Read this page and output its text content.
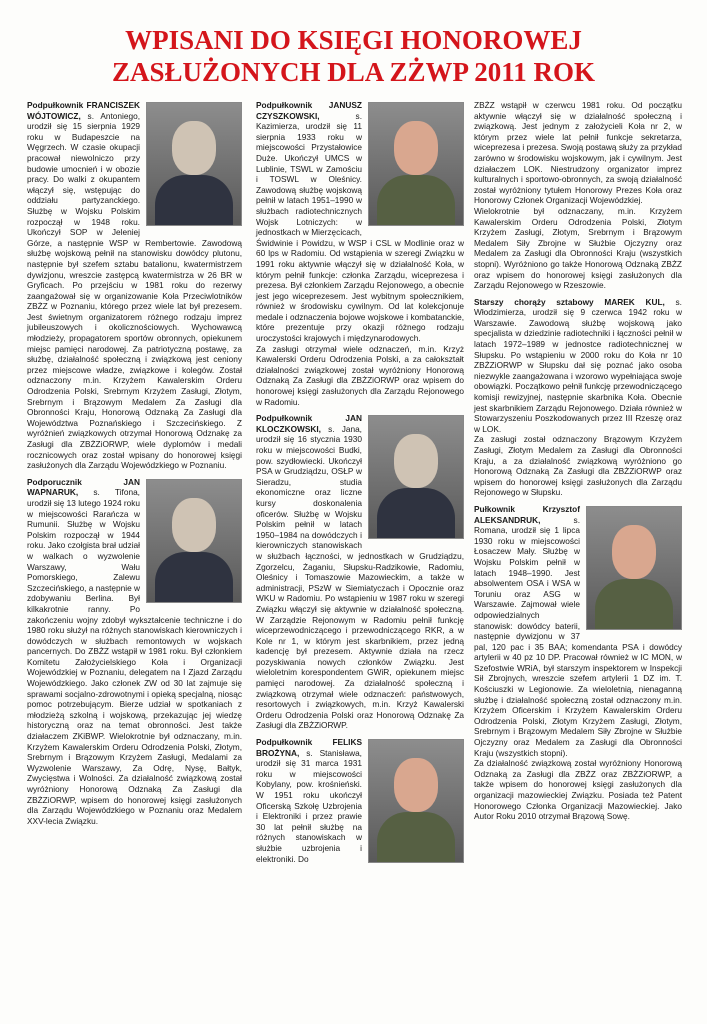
WPISANI DO KSIĘGI HONOROWEJ
ZASŁUŻONYCH DLA ZŻWP 2011 ROK

Podpułkownik FRANCISZEK WÓJTOWICZ, s. Antoniego, urodził się 15 sierpnia 1929 roku w Budapeszcie na Węgrzech. W czasie okupacji pracował niewolniczo przy budowie umocnień i w obozie pracy. Do walki z okupantem włączył się, wstępując do oddziału partyzanckiego. Służbę w Wojsku Polskim rozpoczął w 1948 roku. Ukończył SOP w Jeleniej Górze, a następnie WSP w Rembertowie. Zawodową służbę wojskową pełnił na stanowisku dowódcy plutonu, następnie był szefem sztabu batalionu, kwatermistrzem dywizjonu, wreszcie zastępcą kwatermistrza w 26 BR w Gryficach. Po przejściu w 1981 roku do rezerwy zaangażował się w organizowanie Koła Przeciwlotników ZBŻZ w Poznaniu, którego przez wiele lat był prezesem. Jest świetnym organizatorem różnego rodzaju imprez jubileuszowych i okolicznościowych. Wychowawcą młodzieży, propagatorem sportów obronnych, opiekunem miejsc pamięci narodowej. Za patriotyczną postawę, za służbę, działalność społeczną i związkową jest ceniony przez miejscowe władze, związkowe i kolegów. Został odznaczony m.in. Krzyżem Kawalerskim Orderu Odrodzenia Polski, Srebrnym Krzyżem Zasługi, Złotym, Srebrnym i Brązowym Medalem Za Zasługi dla Obronności Kraju, Honorową Odznaką Za Zasługi dla Województwa Poznańskiego i Szczecińskiego. Z wyróżnień związkowych otrzymał Honorową Odznakę za Zasługi dla ZBŻZiORWP, wiele dyplomów i medali rocznicowych oraz został wpisany do honorowej księgi zasłużonych dla Zarządu Wojewódzkiego w Poznaniu.

Podporucznik JAN WAPNARUK, s. Tifona, urodził się 13 lutego 1924 roku w miejscowości Rarańcza w Rumunii. Służbę w Wojsku Polskim rozpoczął w 1944 roku. Jako czołgista brał udział w walkach o wyzwolenie Warszawy, Wału Pomorskiego, Zalewu Szczecińskiego, a następnie w zdobywaniu Berlina. Był kilkakrotnie ranny. Po zakończeniu wojny zdobył wykształcenie techniczne i do 1980 roku służył na różnych stanowiskach kierowniczych i dowódczych w służbach remontowych w wojskach pancernych. Do ZBŻZ wstąpił w 1981 roku. Był członkiem Komitetu Założycielskiego Koła i Organizacji Wojewódzkiej w Poznaniu, delegatem na I Zjazd Zarządu Wojewódzkiego. Jako członek ZW od 30 lat zajmuje się sprawami socjalno-zdrowotnymi i opieką specjalną, niosąc pomoc potrzebującym. Bierze udział w spotkaniach z młodzieżą szkolną i wojskową, przekazując jej wiedzę historyczną oraz na temat obronności. Jest także działaczem ZKiBWP. Wielokrotnie był odznaczany, m.in. Krzyżem Kawalerskim Orderu Odrodzenia Polski, Złotym, Srebrnym i Brązowym Krzyżem Zasługi, Medalami za Wyzwolenie Warszawy, Za Odrę, Nysę, Bałtyk, Zwycięstwa i Wolności. Za działalność związkową został wyróżniony Honorową Odznaką Za Zasługi dla ZBŻZiORWP, wpisem do honorowej księgi zasłużonych dla Zarządu Wojewódzkiego w Poznaniu oraz Medalem XXV-lecia Związku.

Podpułkownik JANUSZ CZYSZKOWSKI, s. Kazimierza, urodził się 11 sierpnia 1933 roku w miejscowości Przystałowice Duże. Ukończył UMCS w Lublinie, TSWL w Zamościu i TOSWL w Oleśnicy. Zawodową służbę wojskową pełnił w latach 1951–1990 w służbach radiotechnicznych Wojsk Lotniczych: w jednostkach w Mierzęcicach, Świdwinie i Powidzu, w WSP i CSL w Modlinie oraz w 60 lps w Radomiu. Od wstąpienia w szeregi Związku w 1991 roku aktywnie włączył się w działalność Koła, w którym pełnił funkcje: członka Zarządu, wiceprezesa i prezesa. Był członkiem Zarządu Rejonowego, a obecnie jest jego wiceprezesem. Jest wybitnym społecznikiem, również w środowisku cywilnym. Od lat kolekcjonuje medale i odznaczenia bojowe wojskowe i kombatanckie, które prezentuje przy okazji różnego rodzaju uroczystości krajowych i międzynarodowych.

Za zasługi otrzymał wiele odznaczeń, m.in. Krzyż Kawalerski Orderu Odrodzenia Polski, a za całokształt działalności związkowej został wyróżniony Honorową Odznaką Za Zasługi dla ZBŻZiORWP oraz wpisem do honorowej księgi zasłużonych dla Zarządu Rejonowego w Radomiu.

Podpułkownik JAN KLOCZKOWSKI, s. Jana, urodził się 16 stycznia 1930 roku w miejscowości Budki, pow. szydłowiecki. Ukończył PSA w Grudziądzu, OSŁP w Sieradzu, studia ekonomiczne oraz liczne kursy doskonalenia oficerów. Służbę w Wojsku Polskim pełnił w latach 1950–1984 na dowódczych i kierowniczych stanowiskach w służbach łączności, w jednostkach w Grudziądzu, Zgorzelcu, Żaganiu, Słupsku-Radzikowie, Radomiu, Oleśnicy i Tomaszowie Mazowieckim, a także w administracji, PSzW w Siemiatyczach i Opocznie oraz WKU w Radomiu. Po wstąpieniu w 1987 roku w szeregi Związku włączył się aktywnie w działalność społeczną. W Zarządzie Rejonowym w Radomiu pełnił funkcję wiceprzewodniczącego i przewodniczącego RKR, a w Kole nr 1, w którym jest skarbnikiem, przez jedną kadencję był prezesem. Aktywnie działa na rzecz pozyskiwania nowych członków Związku. Jest wieloletnim korespondentem GWiR, opiekunem miejsc pamięci narodowej. Za działalność społeczną i związkową otrzymał wiele odznaczeń: państwowych, resortowych i związkowych, m.in. Krzyż Kawalerski Orderu Odrodzenia Polski oraz Honorową Odznakę Za Zasługi dla ZBŻZiORWP.

Podpułkownik FELIKS BROŻYNA, s. Stanisława, urodził się 31 marca 1931 roku w miejscowości Kobylany, pow. krośnieński. W 1951 roku ukończył Oficerską Szkołę Uzbrojenia i Elektroniki i przez prawie 30 lat pełnił służbę na różnych stanowiskach w służbie uzbrojenia i elektroniki. Do

ZBŻZ wstąpił w czerwcu 1981 roku. Od początku aktywnie włączył się w działalność społeczną i związkową. Jest jednym z założycieli Koła nr 2, w którym przez wiele lat pełnił funkcje sekretarza, wiceprezesa i prezesa. Swoją postawą służy za przykład zarówno w środowisku wojskowym, jak i cywilnym. Jest działaczem LOK. Niestrudzony organizator imprez kulturalnych i sportowo-obronnych, za swoją działalność został wyróżniony tytułem Honorowy Prezes Koła oraz Honorowy Członek Organizacji Wojewódzkiej.

Wielokrotnie był odznaczany, m.in. Krzyżem Kawalerskim Orderu Odrodzenia Polski, Złotym Krzyżem Zasługi, Złotym, Srebrnym i Brązowym Medalem Siły Zbrojne w Służbie Ojczyzny oraz Medalem za Zasługi dla Obronności Kraju (wszystkich stopni). Wyróżniono go także Honorową Odznaką ZBŻZ oraz wpisem do honorowej księgi zasłużonych dla Zarządu Rejonowego w Rzeszowie.

Starszy chorąży sztabowy MAREK KUL, s. Włodzimierza, urodził się 9 czerwca 1942 roku w Warszawie. Zawodową służbę wojskową jako specjalista w dziedzinie radiotechniki i łączności pełnił w latach 1972–1989 w jednostce radiotechnicznej w Słupsku. Po wstąpieniu w 2000 roku do Koła nr 10 ZBŻZiORWP w Słupsku dał się poznać jako osoba niezwykle zaangażowana i wzorowo wypełniająca swoje obowiązki. Początkowo pełnił funkcję przewodniczącego komisji rewizyjnej, następnie skarbnika Koła. Obecnie jest skarbnikiem Zarządu Rejonowego. Działa również w Stowarzyszeniu Poszkodowanych przez III Rzeszę oraz w LOK.

Za zasługi został odznaczony Brązowym Krzyżem Zasługi, Złotym Medalem za Zasługi dla Obronności Kraju, a za działalność związkową wyróżniono go Honorową Odznaką Za Zasługi dla ZBŻZiORWP oraz wpisem do honorowej księgi zasłużonych dla Zarządu Rejonowego w Słupsku.

Pułkownik Krzysztof ALEKSANDRUK, s. Romana, urodził się 1 lipca 1930 roku w miejscowości Łosaczew Mały. Służbę w Wojsku Polskim pełnił w latach 1948–1990. Jest absolwentem OSA i WSA w Toruniu oraz ASG w Warszawie. Zajmował wiele odpowiedzialnych stanowisk: dowódcy baterii, następnie dywizjonu w 37 pal, 120 pac i 35 BAA; komendanta PSA i dowódcy artylerii w 40 pz 10 DP. Pracował również w IC MON, w Szefostwie WRiA, był starszym inspektorem w Inspekcji Sił Zbrojnych, wreszcie szefem artylerii 1 DZ im. T. Kościuszki w Legionowie. Za wieloletnią, nienaganną służbę i działalność społeczną został odznaczony m.in. Krzyżem Oficerskim i Krzyżem Kawalerskim Orderu Odrodzenia Polski, Złotym Krzyżem Zasługi, Złotym, Srebrnym i Brązowym Medalem Siły Zbrojne w Służbie Ojczyzny oraz Medalem za Zasługi dla Obronności Kraju (wszystkich stopni).

Za działalność związkową został wyróżniony Honorową Odznaką za Zasługi dla ZBŻZ oraz ZBŻZiORWP, a także wpisem do honorowej księgi zasłużonych dla organizacji mazowieckiej Związku. Posiada też Patent Honorowego Członka Organizacji Mazowieckiej. Jako Autor Roku 2010 otrzymał Brązową Sowę.
